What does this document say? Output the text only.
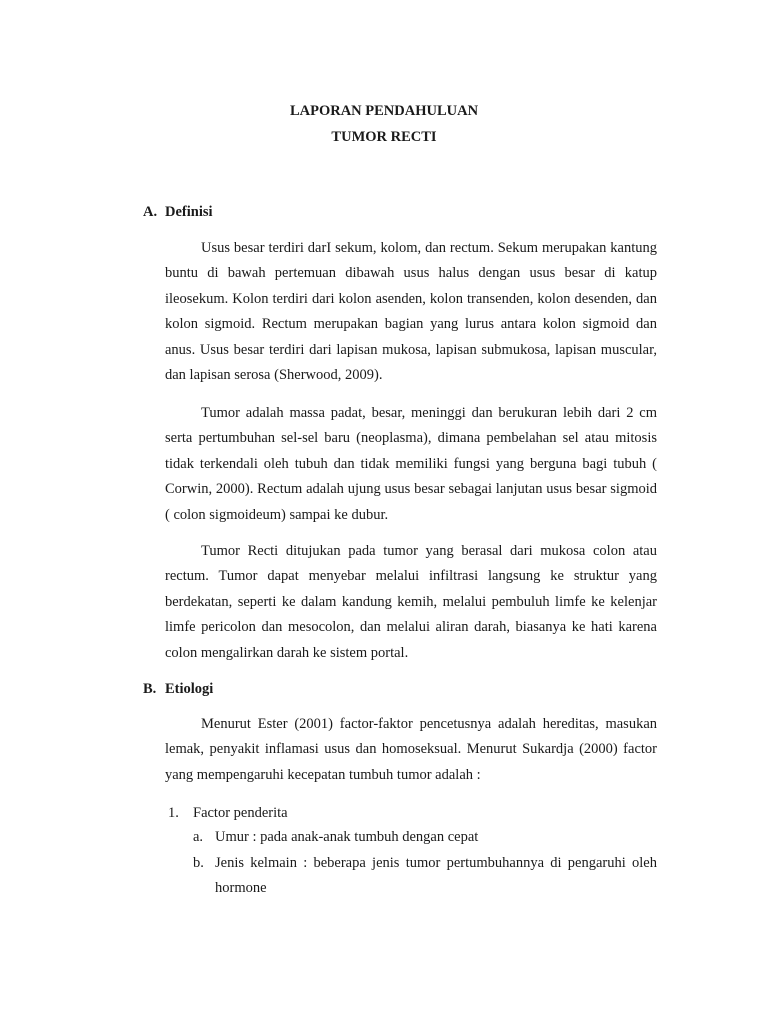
LAPORAN PENDAHULUAN
TUMOR RECTI
A. Definisi

Usus besar terdiri darI sekum, kolom, dan rectum. Sekum merupakan kantung buntu di bawah pertemuan dibawah usus halus dengan usus besar di katup ileosekum. Kolon terdiri dari kolon asenden, kolon transenden, kolon desenden, dan kolon sigmoid. Rectum merupakan bagian yang lurus antara kolon sigmoid dan anus. Usus besar terdiri dari lapisan mukosa, lapisan submukosa, lapisan muscular, dan lapisan serosa (Sherwood, 2009).

Tumor adalah massa padat, besar, meninggi dan berukuran lebih dari 2 cm serta pertumbuhan sel-sel baru (neoplasma), dimana pembelahan sel atau mitosis tidak terkendali oleh tubuh dan tidak memiliki fungsi yang berguna bagi tubuh ( Corwin, 2000). Rectum adalah ujung usus besar sebagai lanjutan usus besar sigmoid ( colon sigmoideum) sampai ke dubur.

Tumor Recti ditujukan pada tumor yang berasal dari mukosa colon atau rectum. Tumor dapat menyebar melalui infiltrasi langsung ke struktur yang berdekatan, seperti ke dalam kandung kemih, melalui pembuluh limfe ke kelenjar limfe pericolon dan mesocolon, dan melalui aliran darah, biasanya ke hati karena colon mengalirkan darah ke sistem portal.

B. Etiologi

Menurut Ester (2001) factor-faktor pencetusnya adalah hereditas, masukan lemak, penyakit inflamasi usus dan homoseksual. Menurut Sukardja (2000) factor yang mempengaruhi kecepatan tumbuh tumor adalah :

1. Factor penderita
a. Umur : pada anak-anak tumbuh dengan cepat
b. Jenis kelmain : beberapa jenis tumor pertumbuhannya di pengaruhi oleh hormone
